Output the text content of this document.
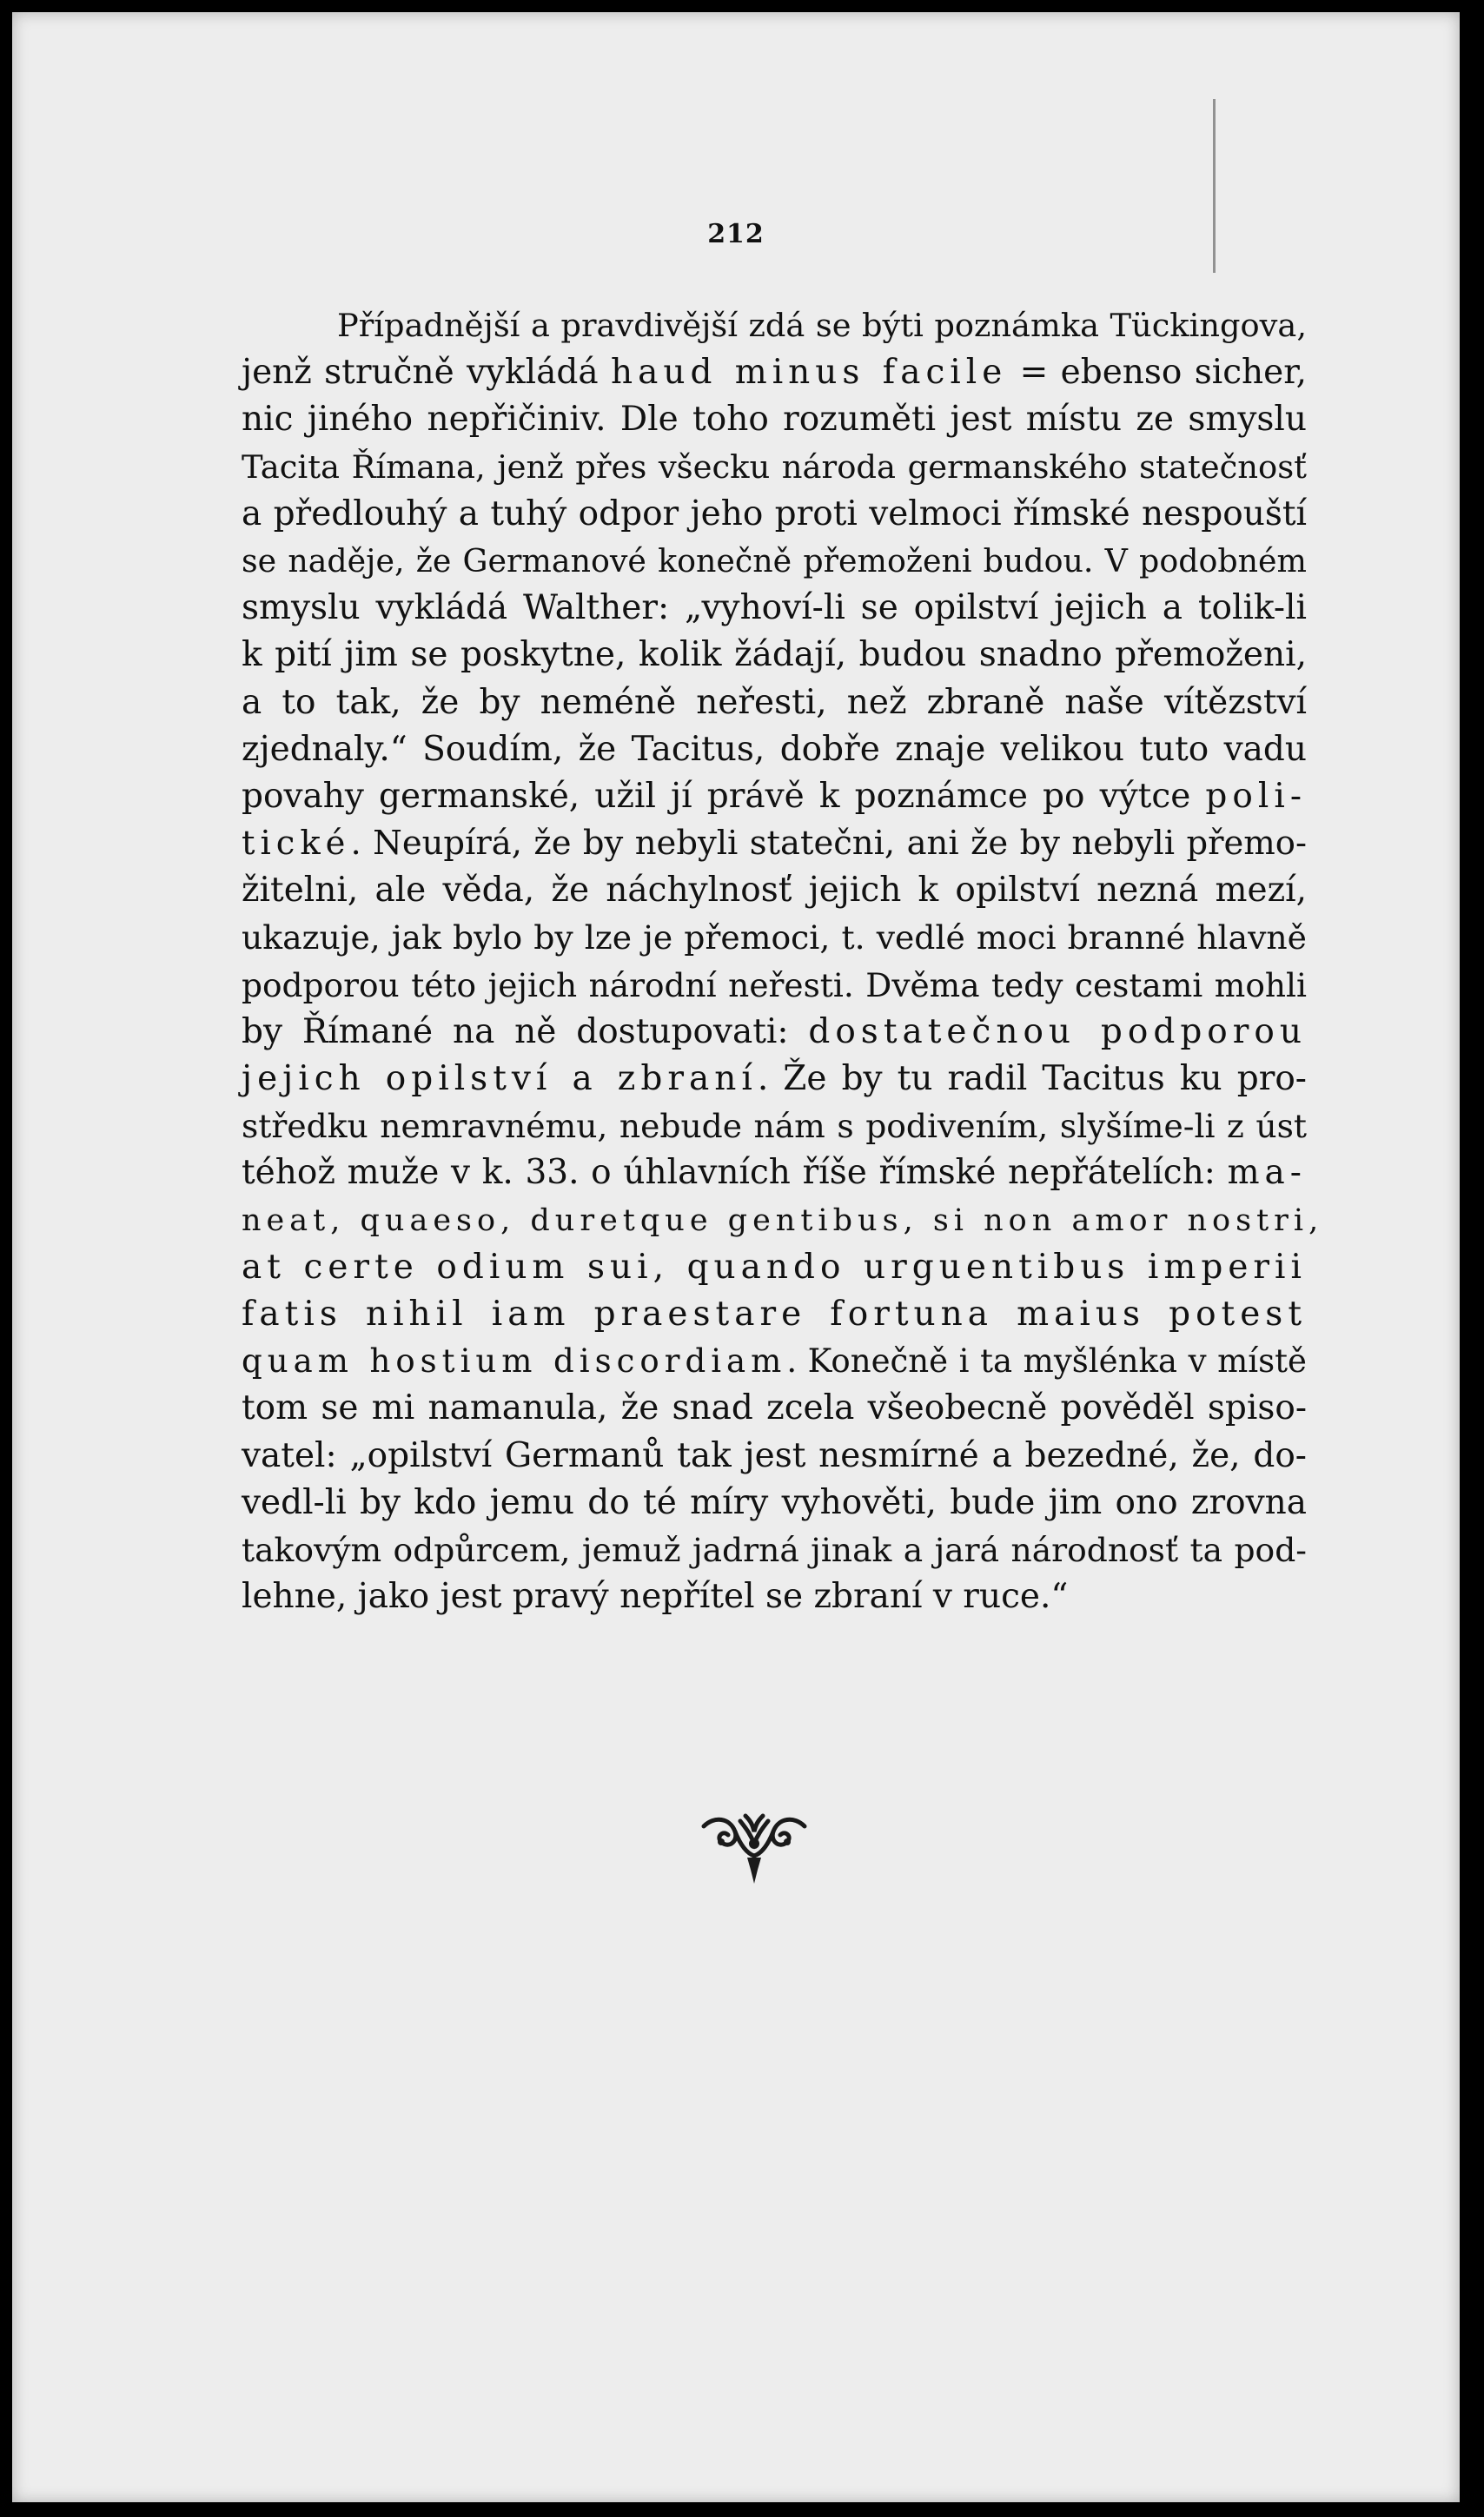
212
Případnější a pravdivější zdá se býti poznámka Tückingova,
jenž stručně vykládá haud minus facile = ebenso sicher,
nic jiného nepřičiniv. Dle toho rozuměti jest místu ze smyslu
Tacita Římana, jenž přes všecku národa germanského statečnosť
a předlouhý a tuhý odpor jeho proti velmoci římské nespouští
se naděje, že Germanové konečně přemoženi budou. V podobném
smyslu vykládá Walther: „vyhoví-li se opilství jejich a tolik-li
k pití jim se poskytne, kolik žádají, budou snadno přemoženi,
a to tak, že by neméně neřesti, než zbraně naše vítězství
zjednaly.“ Soudím, že Tacitus, dobře znaje velikou tuto vadu
povahy germanské, užil jí právě k poznámce po výtce poli-
tické. Neupírá, že by nebyli statečni, ani že by nebyli přemo-
žitelni, ale věda, že náchylnosť jejich k opilství nezná mezí,
ukazuje, jak bylo by lze je přemoci, t. vedlé moci branné hlavně
podporou této jejich národní neřesti. Dvěma tedy cestami mohli
by Římané na ně dostupovati: dostatečnou podporou
jejich opilství a zbraní. Že by tu radil Tacitus ku pro-
středku nemravnému, nebude nám s podivením, slyšíme-li z úst
téhož muže v k. 33. o úhlavních říše římské nepřátelích: ma-
neat, quaeso, duretque gentibus, si non amor nostri,
at certe odium sui, quando urguentibus imperii
fatis nihil iam praestare fortuna maius potest
quam hostium discordiam. Konečně i ta myšlénka v místě
tom se mi namanula, že snad zcela všeobecně pověděl spiso-
vatel: „opilství Germanů tak jest nesmírné a bezedné, že, do-
vedl-li by kdo jemu do té míry vyhověti, bude jim ono zrovna
takovým odpůrcem, jemuž jadrná jinak a jará národnosť ta pod-
lehne, jako jest pravý nepřítel se zbraní v ruce.“
